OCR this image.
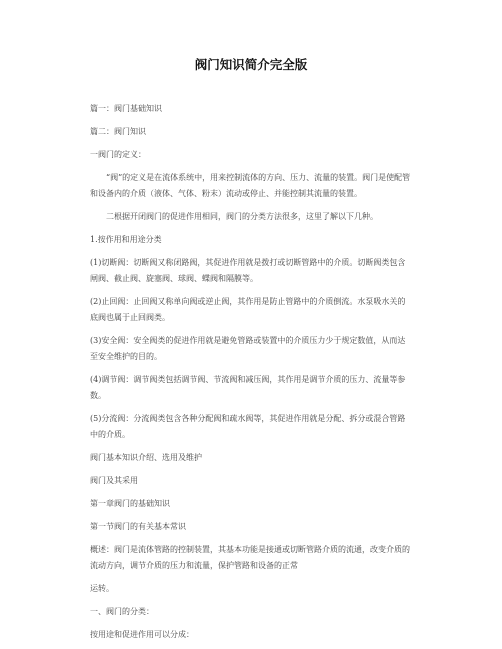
阀门知识简介完全版
篇一：阀门基础知识
篇二：阀门知识
一阀门的定义：
“阀”的定义是在流体系统中，用来控制流体的方向、压力、流量的装置。阀门是使配管和设备内的介质（液体、气体、粉末）流动或停止、并能控制其流量的装置。
二根据开闭阀门的促进作用相同，阀门的分类方法很多，这里了解以下几种。
1.按作用和用途分类
(1)切断阀：切断阀又称闭路阀，其促进作用就是拨打或切断管路中的介质。切断阀类包含闸阀、截止阀、旋塞阀、球阀、蝶阀和隔膜等。
(2)止回阀：止回阀又称单向阀或逆止阀，其作用是防止管路中的介质倒流。水泵吸水关的底阀也属于止回阀类。
(3)安全阀：安全阀类的促进作用就是避免管路或装置中的介质压力少于规定数值，从而达至安全维护的目的。
(4)调节阀：调节阀类包括调节阀、节流阀和减压阀，其作用是调节介质的压力、流量等参数。
(5)分流阀：分流阀类包含各种分配阀和疏水阀等，其促进作用就是分配、拆分或混合管路中的介质。
阀门基本知识介绍、选用及维护
阀门及其采用
第一章阀门的基础知识
第一节阀门的有关基本常识
概述：阀门是流体管路的控制装置，其基本功能是接通或切断管路介质的流通，改变介质的流动方向，调节介质的压力和流量，保护管路和设备的正常
运转。
一、阀门的分类：
按用途和促进作用可以分成：
